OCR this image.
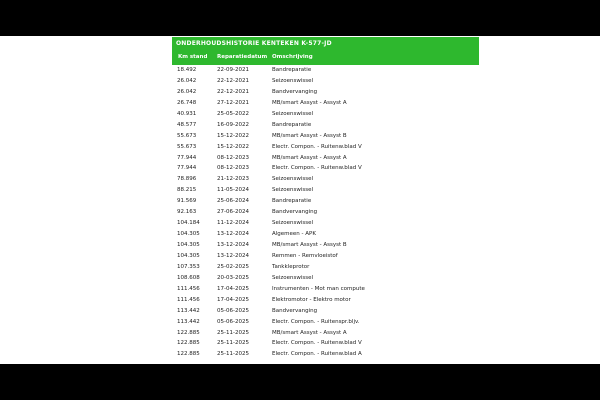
ONDERHOUDSHISTORIE KENTEKEN K-577-JD
Km stand	Reparatiedatum Omschrijving
18.492	22-09-2021	Bandreparatie
26.042	22-12-2021	Seizoenswissel
26.042	22-12-2021	Bandvervanging
26.748	27-12-2021	MB/smart Assyst - Assyst A
40.931	25-05-2022	Seizoenswissel
48.577	16-09-2022	Bandreparatie
55.673	15-12-2022	MB/smart Assyst - Assyst B
55.673	15-12-2022	Electr. Compon. - Ruitenw.blad V
77.944	08-12-2023	MB/smart Assyst - Assyst A
77.944	08-12-2023	Electr. Compon. - Ruitenw.blad V
78.896	21-12-2023	Seizoenswissel
88.215	11-05-2024	Seizoenswissel
91.569	25-06-2024	Bandreparatie
92.163	27-06-2024	Bandvervanging
104.184	11-12-2024	Seizoenswissel
104.305	13-12-2024	Algemeen - APK
104.305	13-12-2024	MB/smart Assyst - Assyst B
104.305	13-12-2024	Remmen - Remvloeistof
107.353	25-02-2025	Tankkleprotor
108.608	20-03-2025	Seizoenswissel
111.456	17-04-2025	Instrumenten - Mot man compute
111.456	17-04-2025	Elektromotor - Elektro motor
113.442	05-06-2025	Bandvervanging
113.442	05-06-2025	Electr. Compon. - Ruitenspr.bljv.
122.885	25-11-2025	MB/smart Assyst - Assyst A
122.885	25-11-2025	Electr. Compon. - Ruitenw.blad V
122.885	25-11-2025	Electr. Compon. - Ruitenw.blad A
